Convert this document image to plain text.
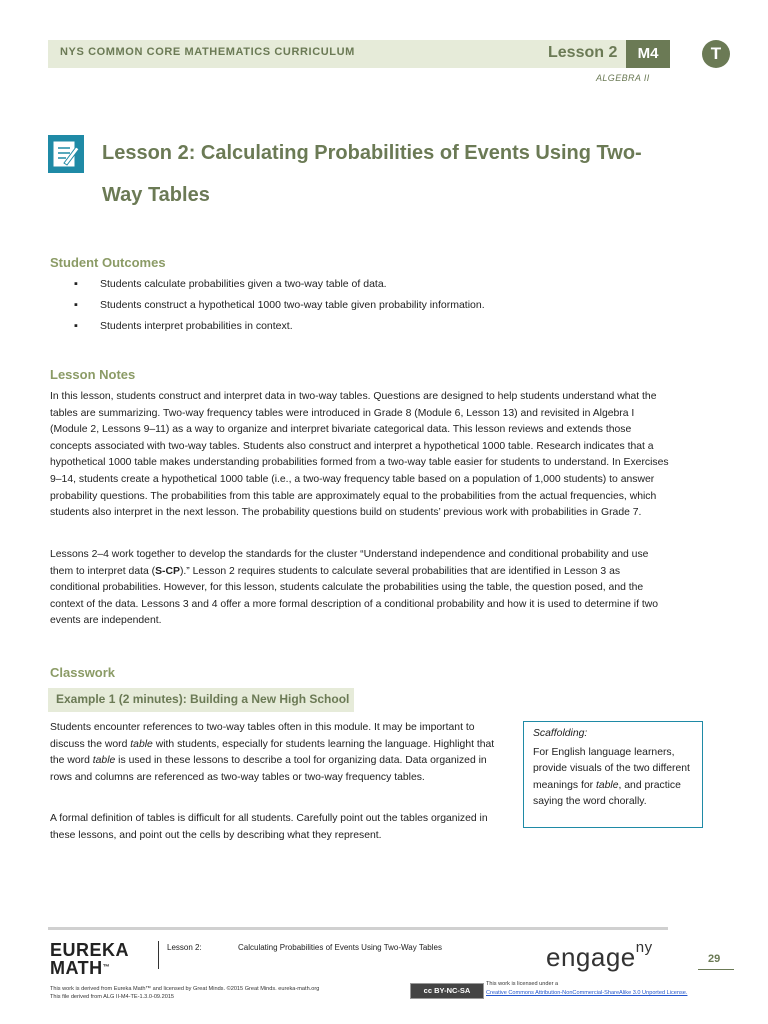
NYS COMMON CORE MATHEMATICS CURRICULUM	Lesson 2	M4
ALGEBRA II
T
Lesson 2: Calculating Probabilities of Events Using Two-Way Tables
Student Outcomes
▪ Students calculate probabilities given a two-way table of data.
▪ Students construct a hypothetical 1000 two-way table given probability information.
▪ Students interpret probabilities in context.
Lesson Notes

In this lesson, students construct and interpret data in two-way tables. Questions are designed to help students understand what the tables are summarizing. Two-way frequency tables were introduced in Grade 8 (Module 6, Lesson 13) and revisited in Algebra I (Module 2, Lessons 9–11) as a way to organize and interpret bivariate categorical data. This lesson reviews and extends those concepts associated with two-way tables. Students also construct and interpret a hypothetical 1000 table. Research indicates that a hypothetical 1000 table makes understanding probabilities formed from a two-way table easier for students to understand. In Exercises 9–14, students create a hypothetical 1000 table (i.e., a two-way frequency table based on a population of 1,000 students) to answer probability questions. The probabilities from this table are approximately equal to the probabilities from the actual frequencies, which students also interpret in the next lesson. The probability questions build on students’ previous work with probabilities in Grade 7.

Lessons 2–4 work together to develop the standards for the cluster “Understand independence and conditional probability and use them to interpret data (S-CP).” Lesson 2 requires students to calculate several probabilities that are identified in Lesson 3 as conditional probabilities. However, for this lesson, students calculate the probabilities using the table, the question posed, and the context of the data. Lessons 3 and 4 offer a more formal description of a conditional probability and how it is used to determine if two events are independent.

Classwork
Example 1 (2 minutes): Building a New High School

Students encounter references to two-way tables often in this module. It may be important to discuss the word table with students, especially for students learning the language. Highlight that the word table is used in these lessons to describe a tool for organizing data. Data organized in rows and columns are referenced as two-way tables or two-way frequency tables.

A formal definition of tables is difficult for all students. Carefully point out the tables organized in these lessons, and point out the cells by describing what they represent.

Scaffolding:
For English language learners, provide visuals of the two different meanings for table, and practice saying the word chorally.
EUREKA
MATH™
Lesson 2:	Calculating Probabilities of Events Using Two-Way Tables	engage$^{ny}$
29
This work is derived from Eureka Math™ and licensed by Great Minds. ©2015 Great Minds. eureka-math.org
This file derived from ALG II-M4-TE-1.3.0-09.2015
cc BY-NC-SA
This work is licensed under a
Creative Commons Attribution-NonCommercial-ShareAlike 3.0 Unported License.
